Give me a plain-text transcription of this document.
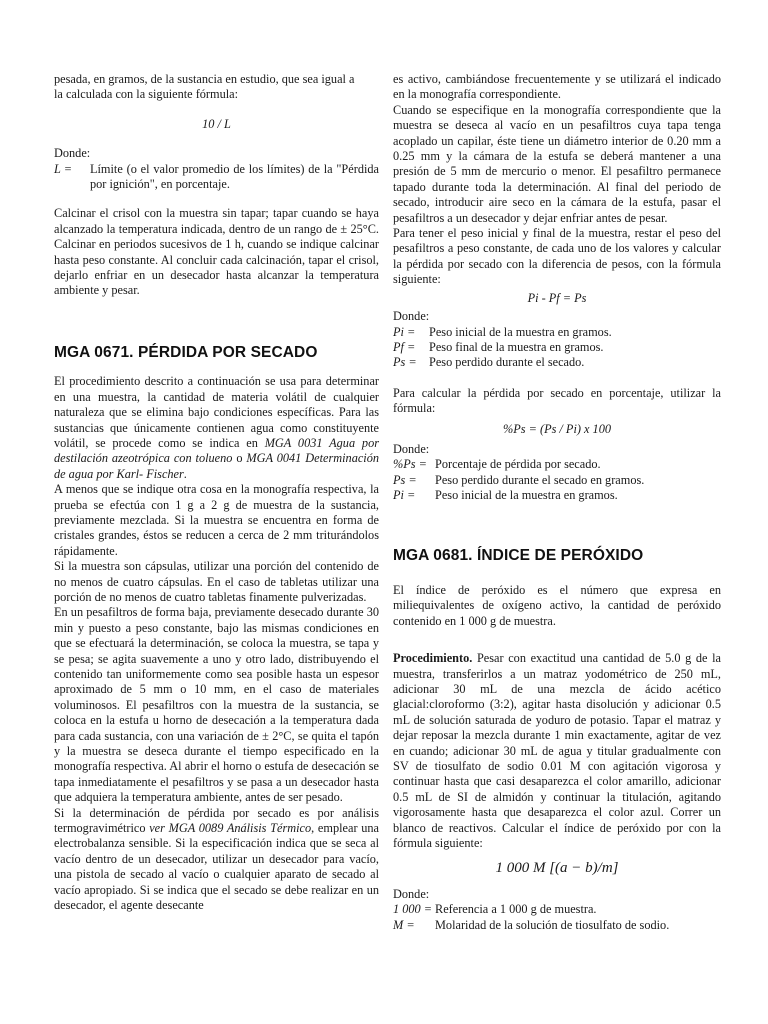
pesada, en gramos, de la sustancia en estudio, que sea igual a

la calculada con la siguiente fórmula:

10 / L

Donde:

L =	Límite (o el valor promedio de los límites) de la "Pérdida por ignición", en porcentaje.

Calcinar el crisol con la muestra sin tapar; tapar cuando se haya alcanzado la temperatura indicada, dentro de un rango de ± 25°C. Calcinar en periodos sucesivos de 1 h, cuando se indique calcinar hasta peso constante. Al concluir cada calcinación, tapar el crisol, dejarlo enfriar en un desecador hasta alcanzar la temperatura ambiente y pesar.

MGA 0671. PÉRDIDA POR SECADO

El procedimiento descrito a continuación se usa para determinar en una muestra, la cantidad de materia volátil de cualquier naturaleza que se elimina bajo condiciones específicas. Para las sustancias que únicamente contienen agua como constituyente volátil, se procede como se indica en MGA 0031 Agua por destilación azeotrópica con tolueno o MGA 0041 Determinación de agua por Karl- Fischer.

A menos que se indique otra cosa en la monografía respectiva, la prueba se efectúa con 1 g a 2 g de muestra de la sustancia, previamente mezclada. Si la muestra se encuentra en forma de cristales grandes, éstos se reducen a cerca de 2 mm triturándolos rápidamente.

Si la muestra son cápsulas, utilizar una porción del contenido de no menos de cuatro cápsulas. En el caso de tabletas utilizar una porción de no menos de cuatro tabletas finamente pulverizadas.

En un pesafiltros de forma baja, previamente desecado durante 30 min y puesto a peso constante, bajo las mismas condiciones en que se efectuará la determinación, se coloca la muestra, se tapa y se pesa; se agita suavemente a uno y otro lado, distribuyendo el contenido tan uniformemente como sea posible hasta un espesor aproximado de 5 mm o 10 mm, en el caso de materiales voluminosos. El pesafiltros con la muestra de la sustancia, se coloca en la estufa u horno de desecación a la temperatura dada para cada sustancia, con una variación de ± 2°C, se quita el tapón y la muestra se deseca durante el tiempo especificado en la monografía respectiva. Al abrir el horno o estufa de desecación se tapa inmediatamente el pesafiltros y se pasa a un desecador hasta que adquiera la temperatura ambiente, antes de ser pesado.

Si la determinación de pérdida por secado es por análisis termogravimétrico ver MGA 0089 Análisis Térmico, emplear una electrobalanza sensible. Si la especificación indica que se seca al vacío dentro de un desecador, utilizar un desecador para vacío, una pistola de secado al vacío o cualquier aparato de secado al vacío apropiado. Si se indica que el secado se debe realizar en un desecador, el agente desecante

es activo, cambiándose frecuentemente y se utilizará el indicado en la monografía correspondiente.

Cuando se especifique en la monografía correspondiente que la muestra se deseca al vacío en un pesafiltros cuya tapa tenga acoplado un capilar, éste tiene un diámetro interior de 0.20 mm a 0.25 mm y la cámara de la estufa se deberá mantener a una presión de 5 mm de mercurio o menor. El pesafiltro permanece tapado durante toda la determinación. Al final del periodo de secado, introducir aire seco en la cámara de la estufa, pasar el pesafiltros a un desecador y dejar enfriar antes de pesar.

Para tener el peso inicial y final de la muestra, restar el peso del pesafiltros a peso constante, de cada uno de los valores y calcular la pérdida por secado con la diferencia de pesos, con la fórmula siguiente:

Pi - Pf = Ps

Donde:

Pi =	Peso inicial de la muestra en gramos.
Pf =	Peso final de la muestra en gramos.
Ps =	Peso perdido durante el secado.

Para calcular la pérdida por secado en porcentaje, utilizar la fórmula:

%Ps = (Ps / Pi) x 100

Donde:

%Ps = Porcentaje de pérdida por secado.
Ps =	Peso perdido durante el secado en gramos.
Pi =	Peso inicial de la muestra en gramos.
MGA 0681. ÍNDICE DE PERÓXIDO

El índice de peróxido es el número que expresa en miliequivalentes de oxígeno activo, la cantidad de peróxido contenido en 1 000 g de muestra.

Procedimiento. Pesar con exactitud una cantidad de 5.0 g de la muestra, transferirlos a un matraz yodométrico de 250 mL, adicionar 30 mL de una mezcla de ácido acético glacial:cloroformo (3:2), agitar hasta disolución y adicionar 0.5 mL de solución saturada de yoduro de potasio. Tapar el matraz y dejar reposar la mezcla durante 1 min exactamente, agitar de vez en cuando; adicionar 30 mL de agua y titular gradualmente con SV de tiosulfato de sodio 0.01 M con agitación vigorosa y continuar hasta que casi desaparezca el color amarillo, adicionar 0.5 mL de SI de almidón y continuar la titulación, agitando vigorosamente hasta que desaparezca el color azul. Correr un blanco de reactivos. Calcular el índice de peróxido por con la fórmula siguiente:

1 000 M [(a − b)/m]

Donde:

1 000 = Referencia a 1 000 g de muestra.
M =	Molaridad de la solución de tiosulfato de sodio.
